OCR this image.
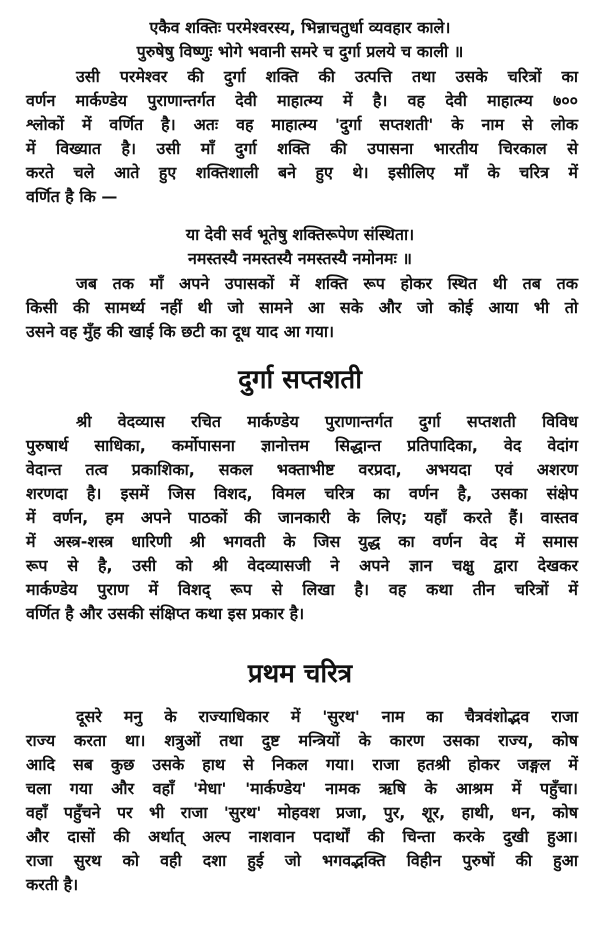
एकैव शक्तिः परमेश्वरस्य, भिन्नाचतुर्धा व्यवहार काले।
पुरुषेषु विष्णुः भोगे भवानी समरे च दुर्गा प्रलये च काली ॥
उसी परमेश्वर की दुर्गा शक्ति की उत्पत्ति तथा उसके चरित्रों का
वर्णन मार्कण्डेय पुराणान्तर्गत देवी माहात्म्य में है। वह देवी माहात्म्य ७००
श्लोकों में वर्णित है। अतः वह माहात्म्य 'दुर्गा सप्तशती' के नाम से लोक
में विख्यात है। उसी माँ दुर्गा शक्ति की उपासना भारतीय चिरकाल से
करते चले आते हुए शक्तिशाली बने हुए थे। इसीलिए माँ के चरित्र में
वर्णित है कि —
या देवी सर्व भूतेषु शक्तिरूपेण संस्थिता।
नमस्तस्यै नमस्तस्यै नमस्तस्यै नमोनमः ॥
जब तक माँ अपने उपासकों में शक्ति रूप होकर स्थित थी तब तक
किसी की सामर्थ्य नहीं थी जो सामने आ सके और जो कोई आया भी तो
उसने वह मुँह की खाई कि छटी का दूध याद आ गया।
दुर्गा सप्तशती
श्री वेदव्यास रचित मार्कण्डेय पुराणान्तर्गत दुर्गा सप्तशती विविध
पुरुषार्थ साधिका, कर्मोपासना ज्ञानोत्तम सिद्धान्त प्रतिपादिका, वेद वेदांग
वेदान्त तत्व प्रकाशिका, सकल भक्ताभीष्ट वरप्रदा, अभयदा एवं अशरण
शरणदा है। इसमें जिस विशद, विमल चरित्र का वर्णन है, उसका संक्षेप
में वर्णन, हम अपने पाठकों की जानकारी के लिए; यहाँ करते हैं। वास्तव
में अस्त्र-शस्त्र धारिणी श्री भगवती के जिस युद्ध का वर्णन वेद में समास
रूप से है, उसी को श्री वेदव्यासजी ने अपने ज्ञान चक्षु द्वारा देखकर
मार्कण्डेय पुराण में विशद् रूप से लिखा है। वह कथा तीन चरित्रों में
वर्णित है और उसकी संक्षिप्त कथा इस प्रकार है।
प्रथम चरित्र
दूसरे मनु के राज्याधिकार में 'सुरथ' नाम का चैत्रवंशोद्भव राजा
राज्य करता था। शत्रुओं तथा दुष्ट मन्त्रियों के कारण उसका राज्य, कोष
आदि सब कुछ उसके हाथ से निकल गया। राजा हतश्री होकर जङ्गल में
चला गया और वहाँ 'मेधा' 'मार्कण्डेय' नामक ऋषि के आश्रम में पहुँचा।
वहाँ पहुँचने पर भी राजा 'सुरथ' मोहवश प्रजा, पुर, शूर, हाथी, धन, कोष
और दासों की अर्थात् अल्प नाशवान पदार्थों की चिन्ता करके दुखी हुआ।
राजा सुरथ को वही दशा हुई जो भगवद्भक्ति विहीन पुरुषों की हुआ
करती है।
